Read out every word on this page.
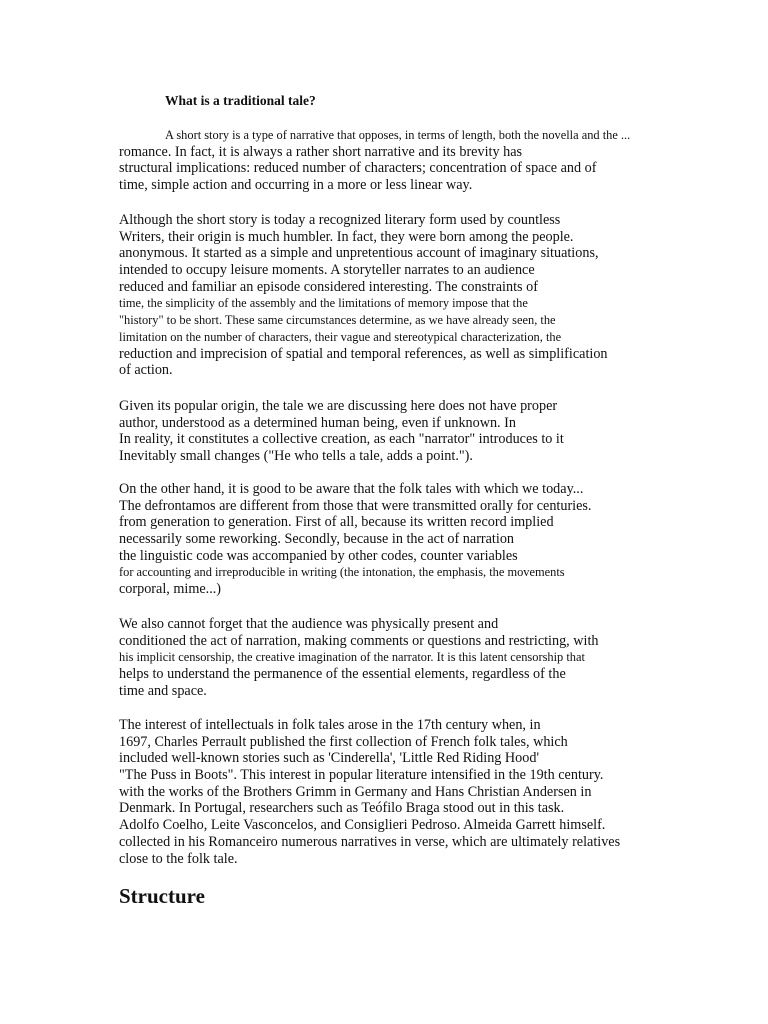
What is a traditional tale?
A short story is a type of narrative that opposes, in terms of length, both the novella and the ...
romance. In fact, it is always a rather short narrative and its brevity has
structural implications: reduced number of characters; concentration of space and of
time, simple action and occurring in a more or less linear way.
Although the short story is today a recognized literary form used by countless
Writers, their origin is much humbler. In fact, they were born among the people.
anonymous. It started as a simple and unpretentious account of imaginary situations,
intended to occupy leisure moments. A storyteller narrates to an audience
reduced and familiar an episode considered interesting. The constraints of
time, the simplicity of the assembly and the limitations of memory impose that the
"history" to be short. These same circumstances determine, as we have already seen, the
limitation on the number of characters, their vague and stereotypical characterization, the
reduction and imprecision of spatial and temporal references, as well as simplification
of action.
Given its popular origin, the tale we are discussing here does not have proper
author, understood as a determined human being, even if unknown. In
In reality, it constitutes a collective creation, as each "narrator" introduces to it
Inevitably small changes ("He who tells a tale, adds a point.").
On the other hand, it is good to be aware that the folk tales with which we today...
The defrontamos are different from those that were transmitted orally for centuries.
from generation to generation. First of all, because its written record implied
necessarily some reworking. Secondly, because in the act of narration
the linguistic code was accompanied by other codes, counter variables
for accounting and irreproducible in writing (the intonation, the emphasis, the movements
corporal, mime...)
We also cannot forget that the audience was physically present and
conditioned the act of narration, making comments or questions and restricting, with
his implicit censorship, the creative imagination of the narrator. It is this latent censorship that
helps to understand the permanence of the essential elements, regardless of the
time and space.
The interest of intellectuals in folk tales arose in the 17th century when, in
1697, Charles Perrault published the first collection of French folk tales, which
included well-known stories such as 'Cinderella', 'Little Red Riding Hood'
"The Puss in Boots". This interest in popular literature intensified in the 19th century.
with the works of the Brothers Grimm in Germany and Hans Christian Andersen in
Denmark. In Portugal, researchers such as Teófilo Braga stood out in this task.
Adolfo Coelho, Leite Vasconcelos, and Consiglieri Pedroso. Almeida Garrett himself.
collected in his Romanceiro numerous narratives in verse, which are ultimately relatives
close to the folk tale.
Structure
